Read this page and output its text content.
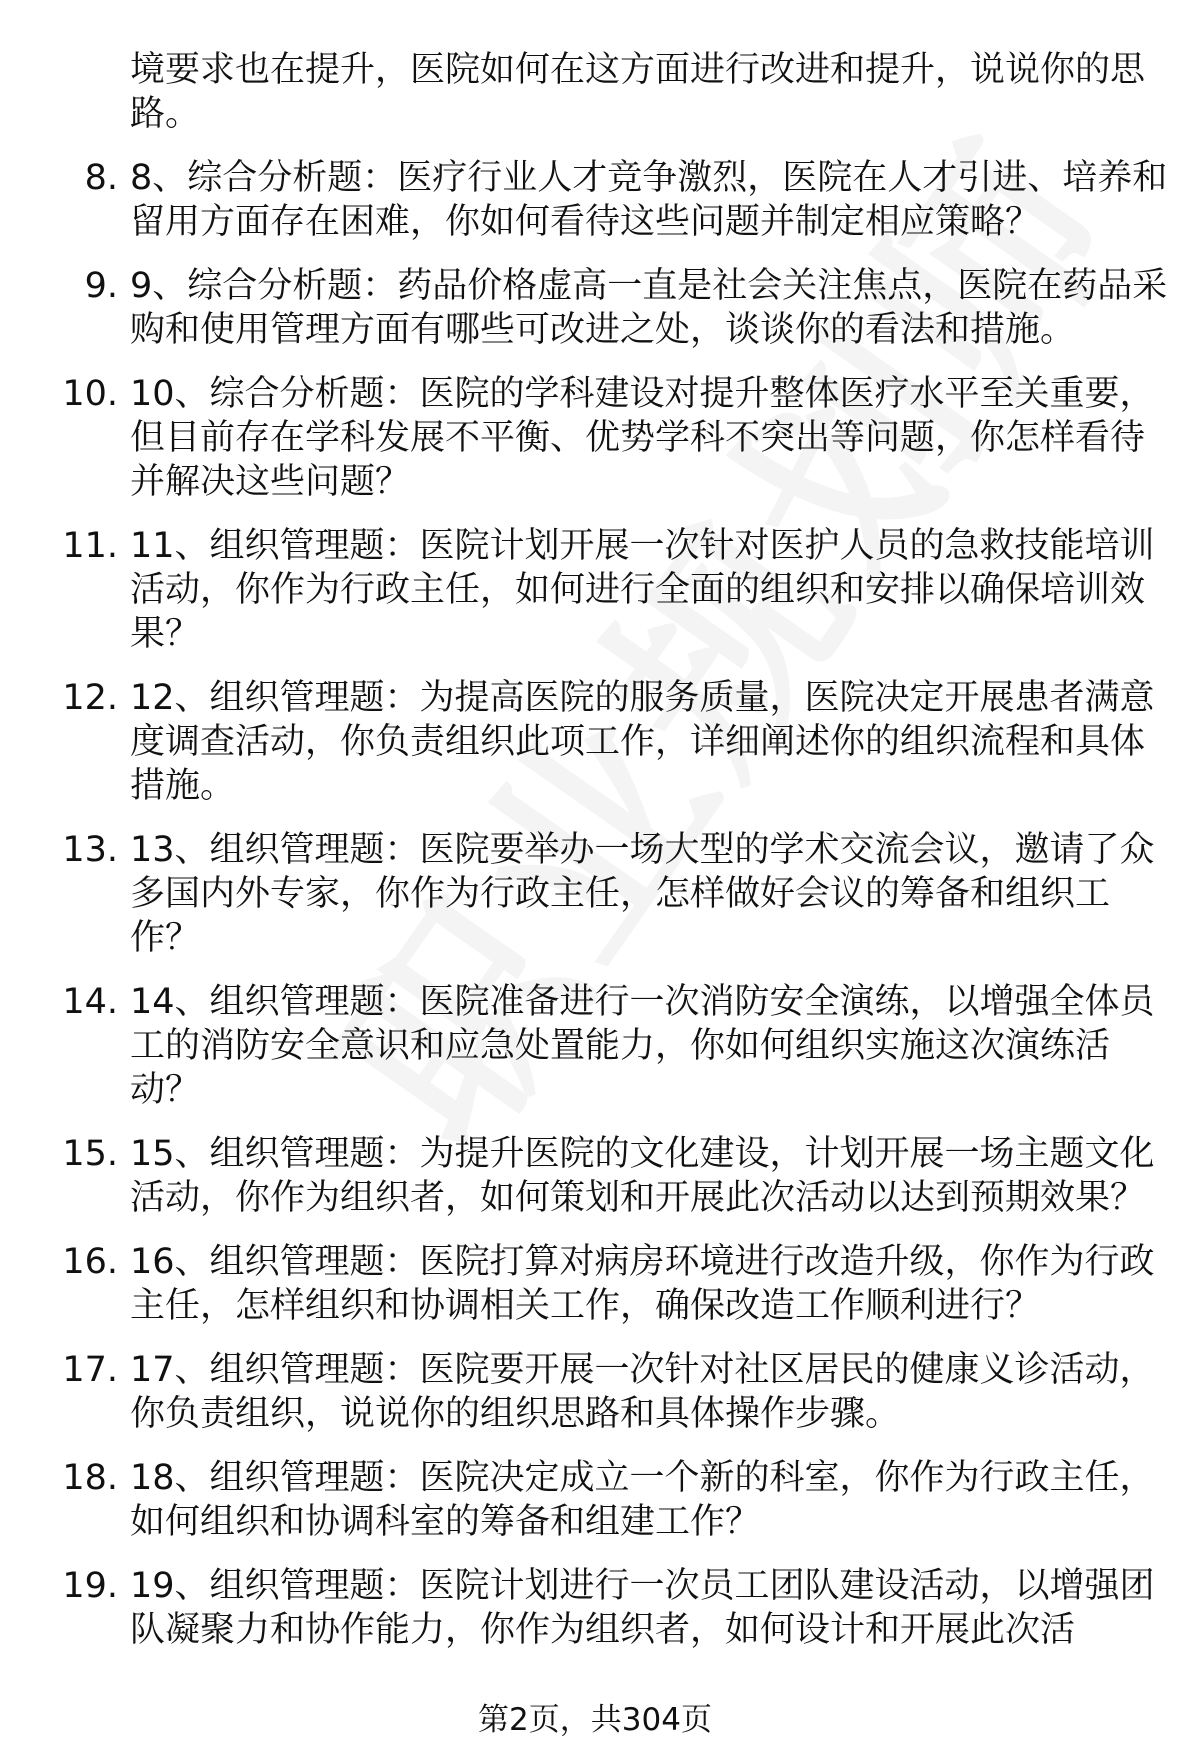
境要求也在提升，医院如何在这方面进行改进和提升，说说你的思路。
8. 8、综合分析题：医疗行业人才竞争激烈，医院在人才引进、培养和留用方面存在困难，你如何看待这些问题并制定相应策略？
9. 9、综合分析题：药品价格虚高一直是社会关注焦点，医院在药品采购和使用管理方面有哪些可改进之处，谈谈你的看法和措施。
10. 10、综合分析题：医院的学科建设对提升整体医疗水平至关重要，但目前存在学科发展不平衡、优势学科不突出等问题，你怎样看待并解决这些问题？
11. 11、组织管理题：医院计划开展一次针对医护人员的急救技能培训活动，你作为行政主任，如何进行全面的组织和安排以确保培训效果？
12. 12、组织管理题：为提高医院的服务质量，医院决定开展患者满意度调查活动，你负责组织此项工作，详细阐述你的组织流程和具体措施。
13. 13、组织管理题：医院要举办一场大型的学术交流会议，邀请了众多国内外专家，你作为行政主任，怎样做好会议的筹备和组织工作？
14. 14、组织管理题：医院准备进行一次消防安全演练，以增强全体员工的消防安全意识和应急处置能力，你如何组织实施这次演练活动？
15. 15、组织管理题：为提升医院的文化建设，计划开展一场主题文化活动，你作为组织者，如何策划和开展此次活动以达到预期效果？
16. 16、组织管理题：医院打算对病房环境进行改造升级，你作为行政主任，怎样组织和协调相关工作，确保改造工作顺利进行？
17. 17、组织管理题：医院要开展一次针对社区居民的健康义诊活动，你负责组织，说说你的组织思路和具体操作步骤。
18. 18、组织管理题：医院决定成立一个新的科室，你作为行政主任，如何组织和协调科室的筹备和组建工作？
19. 19、组织管理题：医院计划进行一次员工团队建设活动，以增强团队凝聚力和协作能力，你作为组织者，如何设计和开展此次活
第2页，共304页
